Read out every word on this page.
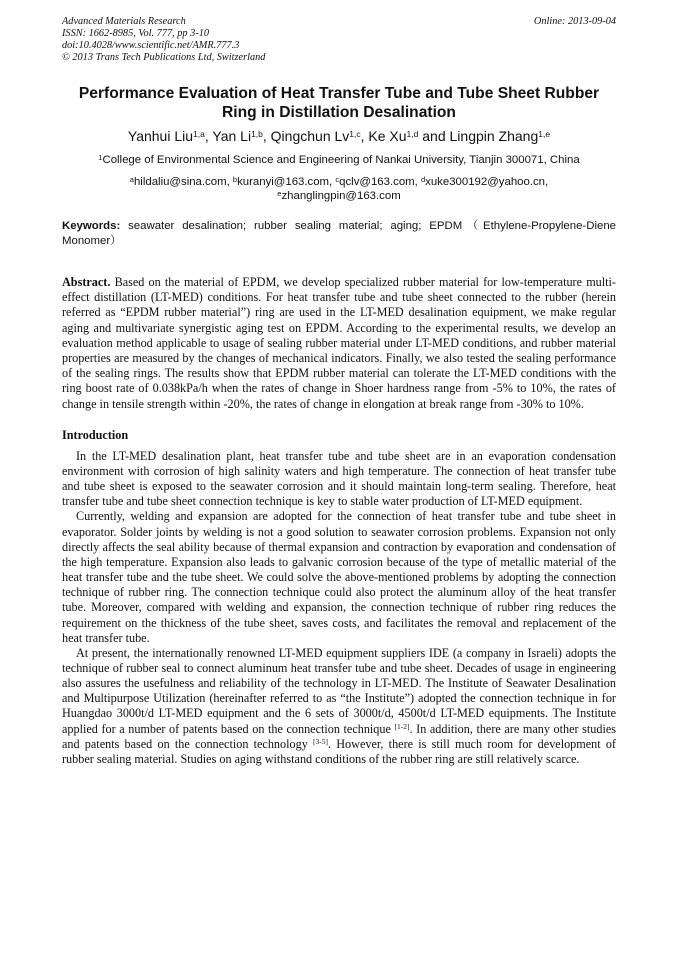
Advanced Materials Research
ISSN: 1662-8985, Vol. 777, pp 3-10
doi:10.4028/www.scientific.net/AMR.777.3
© 2013 Trans Tech Publications Ltd, Switzerland
Online: 2013-09-04
Performance Evaluation of Heat Transfer Tube and Tube Sheet Rubber
Ring in Distillation Desalination
Yanhui Liu$^{1,a}$, Yan Li$^{1,b}$, Qingchun Lv$^{1,c}$, Ke Xu$^{1,d}$ and Lingpin Zhang$^{1,e}$
$^1$College of Environmental Science and Engineering of Nankai University, Tianjin 300071, China
$^a$hildaliu@sina.com, $^b$kuranyi@163.com, $^c$qclv@163.com, $^d$xuke300192@yahoo.cn,
$^e$zhanglingpin@163.com
Keywords: seawater desalination; rubber sealing material; aging; EPDM（Ethylene-Propylene-Diene Monomer）
Abstract. Based on the material of EPDM, we develop specialized rubber material for low-temperature multi-effect distillation (LT-MED) conditions. For heat transfer tube and tube sheet connected to the rubber (herein referred as “EPDM rubber material”) ring are used in the LT-MED desalination equipment, we make regular aging and multivariate synergistic aging test on EPDM. According to the experimental results, we develop an evaluation method applicable to usage of sealing rubber material under LT-MED conditions, and rubber material properties are measured by the changes of mechanical indicators. Finally, we also tested the sealing performance of the sealing rings. The results show that EPDM rubber material can tolerate the LT-MED conditions with the ring boost rate of 0.038kPa/h when the rates of change in Shoer hardness range from -5% to 10%, the rates of change in tensile strength within -20%, the rates of change in elongation at break range from -30% to 10%.
Introduction

In the LT-MED desalination plant, heat transfer tube and tube sheet are in an evaporation condensation environment with corrosion of high salinity waters and high temperature. The connection of heat transfer tube and tube sheet is exposed to the seawater corrosion and it should maintain long-term sealing. Therefore, heat transfer tube and tube sheet connection technique is key to stable water production of LT-MED equipment.

Currently, welding and expansion are adopted for the connection of heat transfer tube and tube sheet in evaporator. Solder joints by welding is not a good solution to seawater corrosion problems. Expansion not only directly affects the seal ability because of thermal expansion and contraction by evaporation and condensation of the high temperature. Expansion also leads to galvanic corrosion because of the type of metallic material of the heat transfer tube and the tube sheet. We could solve the above-mentioned problems by adopting the connection technique of rubber ring. The connection technique could also protect the aluminum alloy of the heat transfer tube. Moreover, compared with welding and expansion, the connection technique of rubber ring reduces the requirement on the thickness of the tube sheet, saves costs, and facilitates the removal and replacement of the heat transfer tube.

At present, the internationally renowned LT-MED equipment suppliers IDE (a company in Israeli) adopts the technique of rubber seal to connect aluminum heat transfer tube and tube sheet. Decades of usage in engineering also assures the usefulness and reliability of the technology in LT-MED. The Institute of Seawater Desalination and Multipurpose Utilization (hereinafter referred to as “the Institute”) adopted the connection technique in for Huangdao 3000t/d LT-MED equipment and the 6 sets of 3000t/d, 4500t/d LT-MED equipments. The Institute applied for a number of patents based on the connection technique [1-2]. In addition, there are many other studies and patents based on the connection technology [3-5]. However, there is still much room for development of rubber sealing material. Studies on aging withstand conditions of the rubber ring are still relatively scarce.
